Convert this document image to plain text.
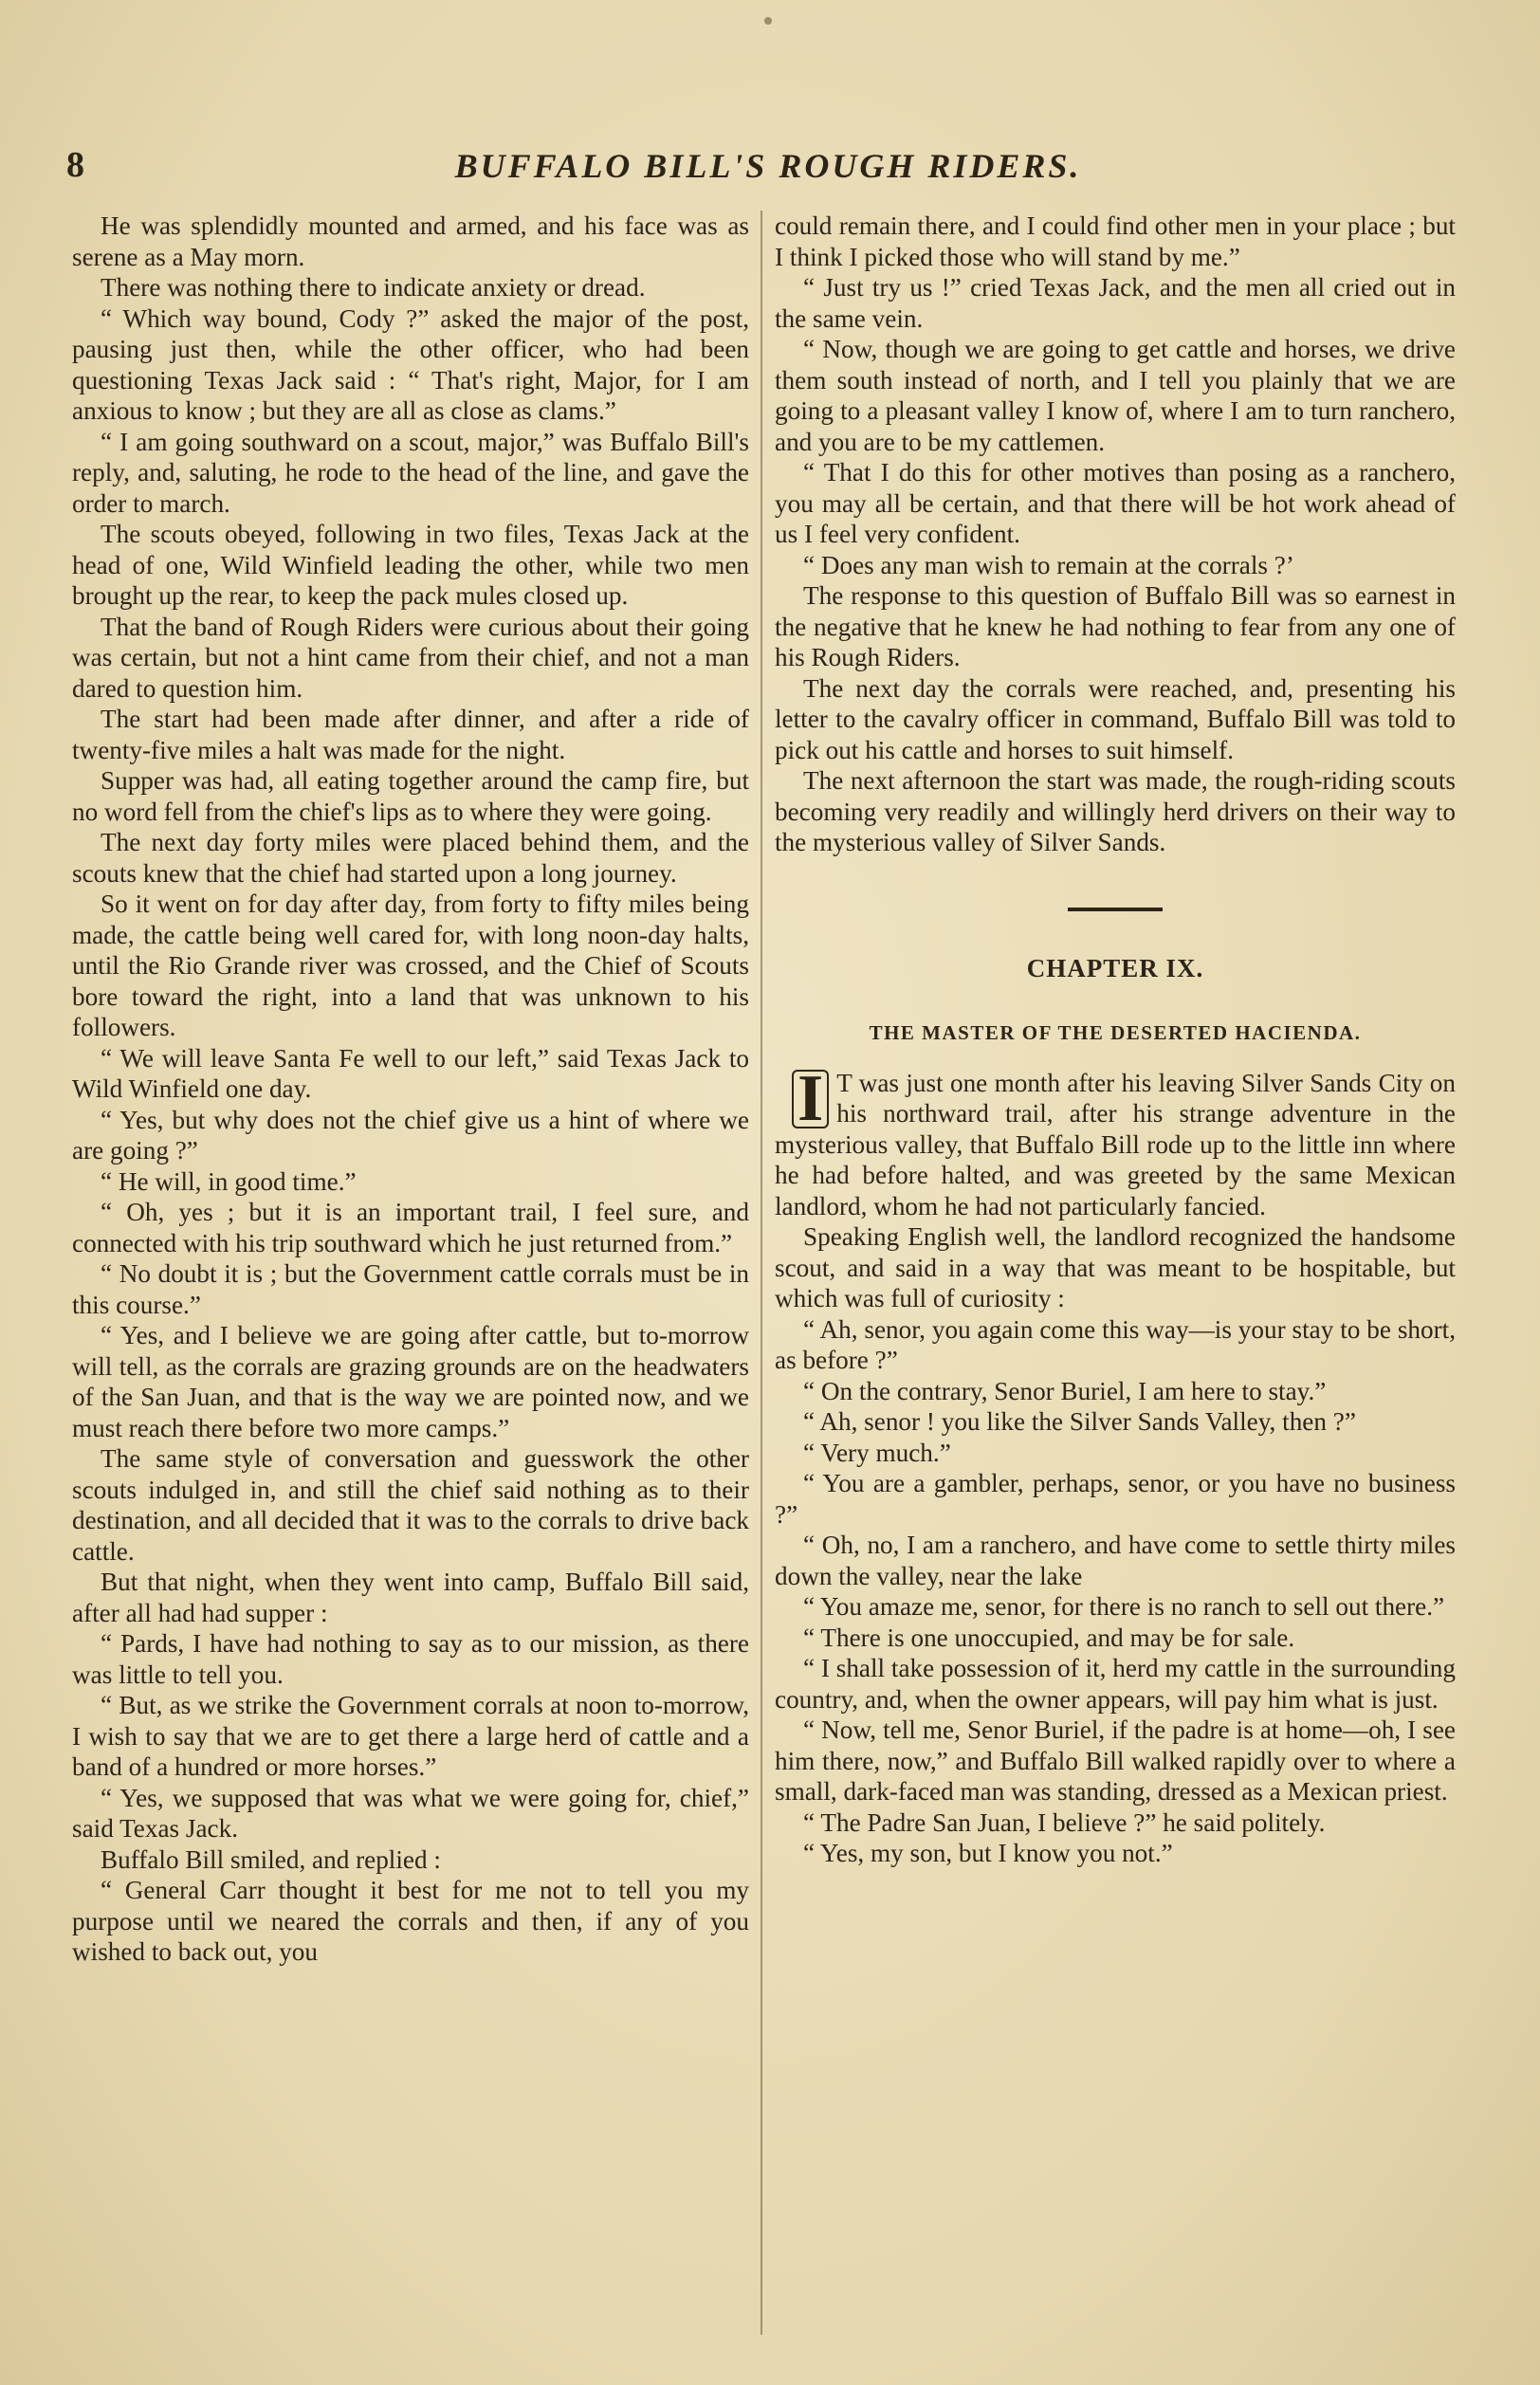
8	BUFFALO BILL'S ROUGH RIDERS.

He was splendidly mounted and armed, and his face was as serene as a May morn.

There was nothing there to indicate anxiety or dread.

“ Which way bound, Cody ?” asked the major of the post, pausing just then, while the other officer, who had been questioning Texas Jack said : “ That's right, Major, for I am anxious to know ; but they are all as close as clams.”

“ I am going southward on a scout, major,” was Buffalo Bill's reply, and, saluting, he rode to the head of the line, and gave the order to march.

The scouts obeyed, following in two files, Texas Jack at the head of one, Wild Winfield leading the other, while two men brought up the rear, to keep the pack mules closed up.

That the band of Rough Riders were curious about their going was certain, but not a hint came from their chief, and not a man dared to question him.

The start had been made after dinner, and after a ride of twenty-five miles a halt was made for the night.

Supper was had, all eating together around the camp fire, but no word fell from the chief's lips as to where they were going.

The next day forty miles were placed behind them, and the scouts knew that the chief had started upon a long journey.

So it went on for day after day, from forty to fifty miles being made, the cattle being well cared for, with long noon-day halts, until the Rio Grande river was crossed, and the Chief of Scouts bore toward the right, into a land that was unknown to his followers.

“ We will leave Santa Fe well to our left,” said Texas Jack to Wild Winfield one day.

“ Yes, but why does not the chief give us a hint of where we are going ?”

“ He will, in good time.”

“ Oh, yes ; but it is an important trail, I feel sure, and connected with his trip southward which he just returned from.”

“ No doubt it is ; but the Government cattle corrals must be in this course.”

“ Yes, and I believe we are going after cattle, but to-morrow will tell, as the corrals are grazing grounds are on the headwaters of the San Juan, and that is the way we are pointed now, and we must reach there before two more camps.”

The same style of conversation and guesswork the other scouts indulged in, and still the chief said nothing as to their destination, and all decided that it was to the corrals to drive back cattle.

But that night, when they went into camp, Buffalo Bill said, after all had had supper :

“ Pards, I have had nothing to say as to our mission, as there was little to tell you.

“ But, as we strike the Government corrals at noon to-morrow, I wish to say that we are to get there a large herd of cattle and a band of a hundred or more horses.”

“ Yes, we supposed that was what we were going for, chief,” said Texas Jack.

Buffalo Bill smiled, and replied :

“ General Carr thought it best for me not to tell you my purpose until we neared the corrals and then, if any of you wished to back out, you

could remain there, and I could find other men in your place ; but I think I picked those who will stand by me.”

“ Just try us !” cried Texas Jack, and the men all cried out in the same vein.

“ Now, though we are going to get cattle and horses, we drive them south instead of north, and I tell you plainly that we are going to a pleasant valley I know of, where I am to turn ranchero, and you are to be my cattlemen.

“ That I do this for other motives than posing as a ranchero, you may all be certain, and that there will be hot work ahead of us I feel very confident.

“ Does any man wish to remain at the corrals ?’

The response to this question of Buffalo Bill was so earnest in the negative that he knew he had nothing to fear from any one of his Rough Riders.

The next day the corrals were reached, and, presenting his letter to the cavalry officer in command, Buffalo Bill was told to pick out his cattle and horses to suit himself.

The next afternoon the start was made, the rough-riding scouts becoming very readily and willingly herd drivers on their way to the mysterious valley of Silver Sands.

CHAPTER IX.
THE MASTER OF THE DESERTED HACIENDA.

I T was just one month after his leaving Silver Sands City on his northward trail, after his strange adventure in the mysterious valley, that Buffalo Bill rode up to the little inn where he had before halted, and was greeted by the same Mexican landlord, whom he had not particularly fancied.

Speaking English well, the landlord recognized the handsome scout, and said in a way that was meant to be hospitable, but which was full of curiosity :

“ Ah, senor, you again come this way—is your stay to be short, as before ?”

“ On the contrary, Senor Buriel, I am here to stay.”

“ Ah, senor ! you like the Silver Sands Valley, then ?”

“ Very much.”

“ You are a gambler, perhaps, senor, or you have no business ?”

“ Oh, no, I am a ranchero, and have come to settle thirty miles down the valley, near the lake

“ You amaze me, senor, for there is no ranch to sell out there.”

“ There is one unoccupied, and may be for sale.

“ I shall take possession of it, herd my cattle in the surrounding country, and, when the owner appears, will pay him what is just.

“ Now, tell me, Senor Buriel, if the padre is at home—oh, I see him there, now,” and Buffalo Bill walked rapidly over to where a small, dark-faced man was standing, dressed as a Mexican priest.

“ The Padre San Juan, I believe ?” he said politely.

“ Yes, my son, but I know you not.”
